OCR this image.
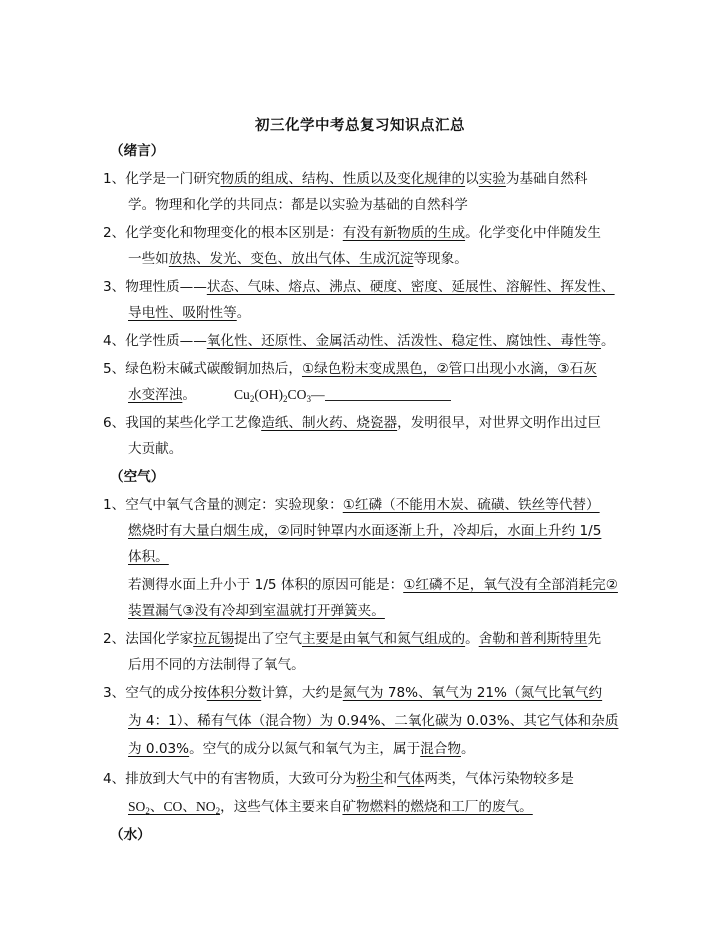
初三化学中考总复习知识点汇总
（绪言）
1、化学是一门研究物质的组成、结构、性质以及变化规律的以实验为基础自然科
学。物理和化学的共同点：都是以实验为基础的自然科学
2、化学变化和物理变化的根本区别是：有没有新物质的生成。化学变化中伴随发生
一些如放热、发光、变色、放出气体、生成沉淀等现象。
3、物理性质——状态、气味、熔点、沸点、硬度、密度、延展性、溶解性、挥发性、
导电性、吸附性等。
4、化学性质——氧化性、还原性、金属活动性、活泼性、稳定性、腐蚀性、毒性等。
5、绿色粉末碱式碳酸铜加热后，①绿色粉末变成黑色，②管口出现小水滴，③石灰
水变浑浊。	$Cu_2(OH)_2CO_3—$
6、我国的某些化学工艺像造纸、制火药、烧瓷器，发明很早，对世界文明作出过巨
大贡献。
（空气）
1、空气中氧气含量的测定：实验现象：①红磷（不能用木炭、硫磺、铁丝等代替）
燃烧时有大量白烟生成，②同时钟罩内水面逐渐上升，冷却后，水面上升约 1/5
体积。
若测得水面上升小于 1/5 体积的原因可能是：①红磷不足，氧气没有全部消耗完②
装置漏气③没有冷却到室温就打开弹簧夹。
2、法国化学家拉瓦锡提出了空气主要是由氧气和氮气组成的。舍勒和普利斯特里先
后用不同的方法制得了氧气。
3、空气的成分按体积分数计算，大约是氮气为 78%、氧气为 21%（氮气比氧气约
为 4：1）、稀有气体（混合物）为 0.94%、二氧化碳为 0.03%、其它气体和杂质
为 0.03%。空气的成分以氮气和氧气为主，属于混合物。
4、排放到大气中的有害物质，大致可分为粉尘和气体两类，气体污染物较多是
$SO_2$、CO、$NO_2$，这些气体主要来自矿物燃料的燃烧和工厂的废气。
（水）
